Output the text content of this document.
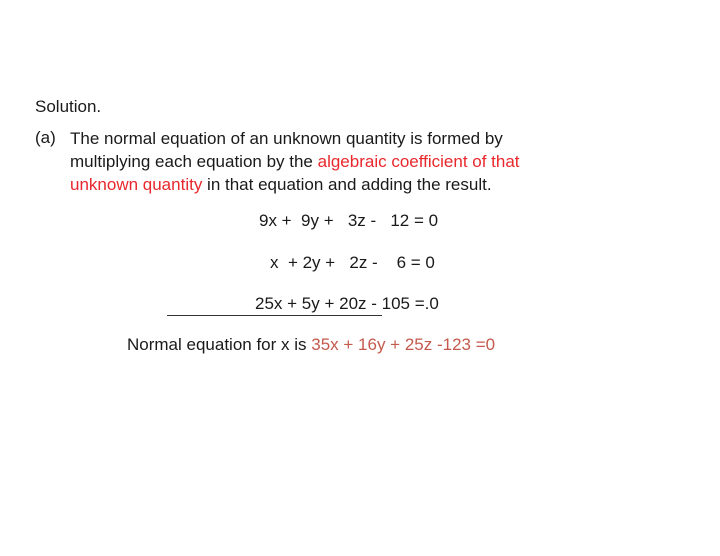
Solution.
(a) The normal equation of an unknown quantity is formed by
multiplying each equation by the algebraic coefficient of that
unknown quantity in that equation and adding the result.
9x +  9y +   3z -   12 = 0
x  + 2y +   2z -    6 = 0
25x + 5y + 20z - 105 =.0
Normal equation for x is 35x + 16y + 25z -123 =0
